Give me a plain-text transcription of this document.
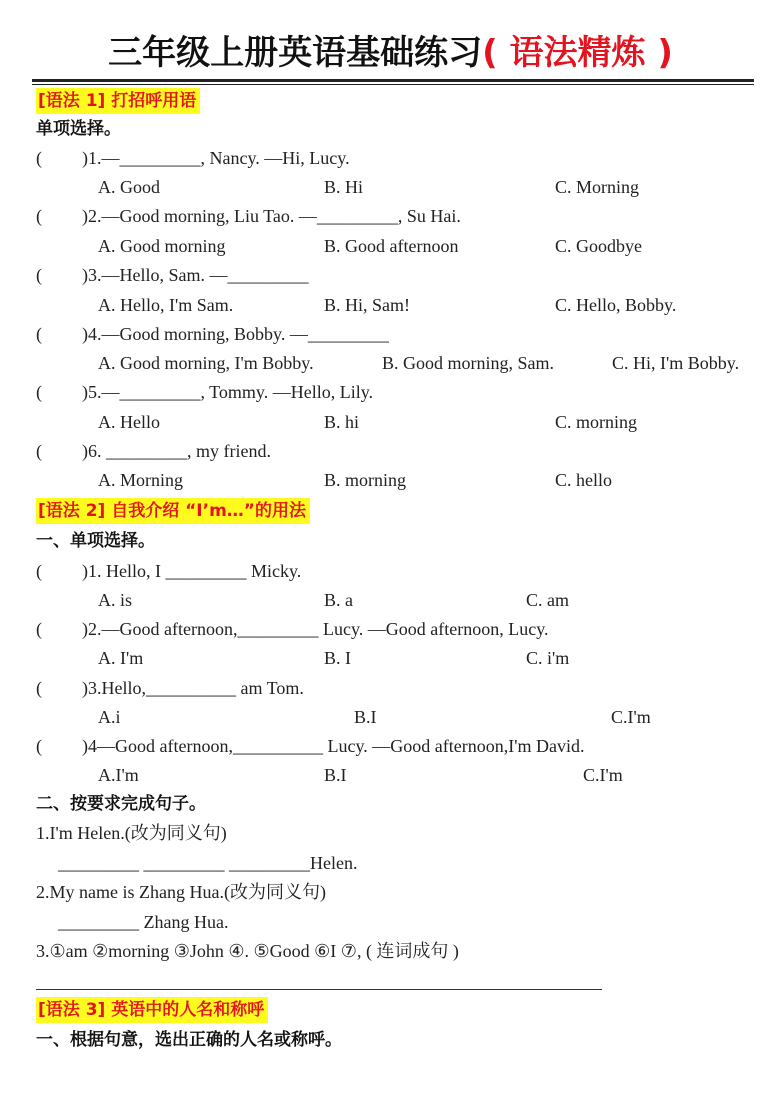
三年级上册英语基础练习( 语法精炼 )
[语法 1] 打招呼用语
单项选择。
( )1.—_________, Nancy. —Hi, Lucy.
A. Good	B. Hi	C. Morning
( )2.—Good morning, Liu Tao. —_________, Su Hai.
A. Good morning	B. Good afternoon	C. Goodbye
( )3.—Hello, Sam. —_________
A. Hello, I'm Sam.	B. Hi, Sam!	C. Hello, Bobby.
( )4.—Good morning, Bobby. —_________
A. Good morning, I'm Bobby.	B. Good morning, Sam.	C. Hi, I'm Bobby.
( )5.—_________, Tommy. —Hello, Lily.
A. Hello	B. hi	C. morning
( )6. _________, my friend.
A. Morning	B. morning	C. hello
[语法 2] 自我介绍 “I’m…”的用法
一、单项选择。
( )1. Hello, I _________ Micky.
A. is	B. a	C. am
( )2.—Good afternoon,_________ Lucy. —Good afternoon, Lucy.
A. I'm	B. I	C. i'm
( )3.Hello,__________ am Tom.
A.i	B.I	C.I'm
( )4—Good afternoon,__________ Lucy. —Good afternoon,I'm David.
A.I'm	B.I	C.I'm
二、按要求完成句子。
1.I'm Helen.(改为同义句)
_________ _________ _________Helen.
2.My name is Zhang Hua.(改为同义句)
_________ Zhang Hua.
3.①am ②morning ③John ④. ⑤Good ⑥I ⑦, ( 连词成句 )
[语法 3] 英语中的人名和称呼
一、根据句意，选出正确的人名或称呼。
